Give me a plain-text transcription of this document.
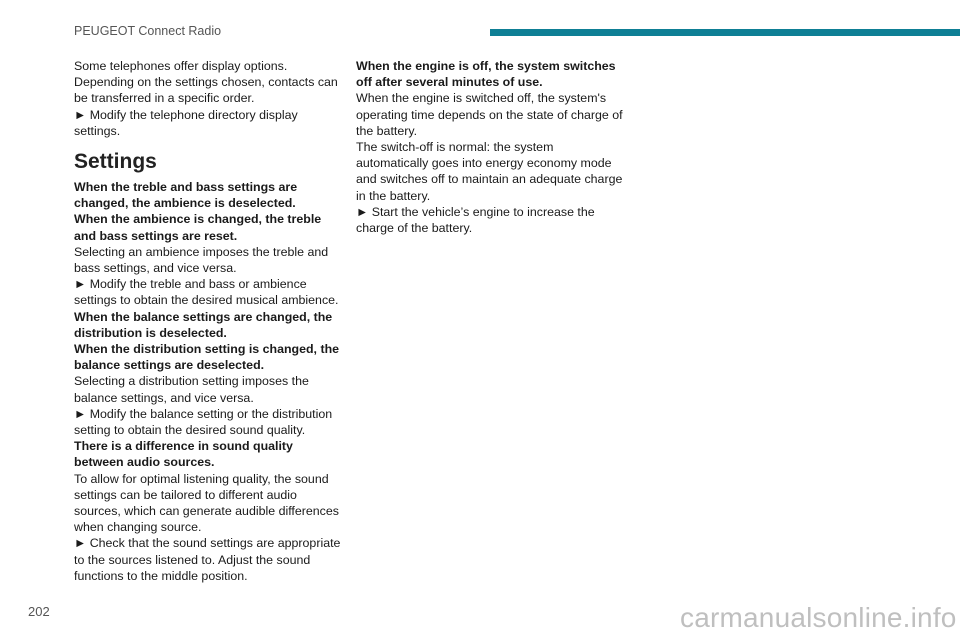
PEUGEOT Connect Radio

Some telephones offer display options. Depending on the settings chosen, contacts can be transferred in a specific order.

► Modify the telephone directory display settings.

Settings

When the treble and bass settings are changed, the ambience is deselected.

When the ambience is changed, the treble and bass settings are reset.

Selecting an ambience imposes the treble and bass settings, and vice versa.

► Modify the treble and bass or ambience settings to obtain the desired musical ambience.

When the balance settings are changed, the distribution is deselected.

When the distribution setting is changed, the balance settings are deselected.

Selecting a distribution setting imposes the balance settings, and vice versa.

► Modify the balance setting or the distribution setting to obtain the desired sound quality.

There is a difference in sound quality between audio sources.

To allow for optimal listening quality, the sound settings can be tailored to different audio sources, which can generate audible differences when changing source.

► Check that the sound settings are appropriate to the sources listened to. Adjust the sound functions to the middle position.

When the engine is off, the system switches off after several minutes of use.

When the engine is switched off, the system's operating time depends on the state of charge of the battery.

The switch-off is normal: the system automatically goes into energy economy mode and switches off to maintain an adequate charge in the battery.

► Start the vehicle’s engine to increase the charge of the battery.

202	carmanualsonline.info
